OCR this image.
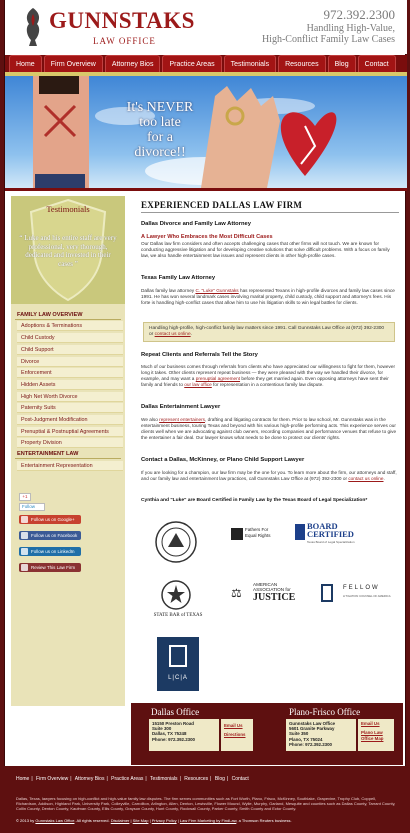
GUNNSTAKS
LAW OFFICE
972.392.2300
Handling High-Value,
High-Conflict Family Law Cases
Home	Firm Overview	Attorney Bios	Practice Areas	Testimonials	Resources	Blog	Contact
It's NEVER
too late
for a divorce!!
Testimonials
“ Luke and his entire staff are very professional, very thorough, dedicated and invested in their cases ”
FAMILY LAW OVERVIEW
Adoptions & Terminations
Child Custody
Child Support
Divorce
Enforcement
Hidden Assets
High Net Worth Divorce
Paternity Suits
Post-Judgment Modification
Prenuptial & Postnuptial Agreements
Property Division
ENTERTAINMENT LAW
Entertainment Representation
+1
Follow
Follow us on Google+
Follow us on Facebook
Follow us on LinkedIn
Review This Law Firm
EXPERIENCED DALLAS LAW FIRM
Dallas Divorce and Family Law Attorney
A Lawyer Who Embraces the Most Difficult Cases
Our Dallas law firm considers and often accepts challenging cases that other firms will not touch. We are known for conducting aggressive litigation and for developing creative solutions that solve difficult problems. With a focus on family law, we also handle entertainment law issues and represent clients in other high-profile cases.
Texas Family Law Attorney
Dallas family law attorney C. "Luke" Gunnstaks has represented Texans in high-profile divorces and family law cases since 1991. He has won several landmark cases involving marital property, child custody, child support and attorney's fees. His forte is handling high-conflict cases that allow him to use his litigation skills to win legal battles for clients.
Handling high-profile, high-conflict family law matters since 1991. Call Gunnstaks Law Office at (972) 392-2300 or contact us online.
Repeat Clients and Referrals Tell the Story
Much of our business comes through referrals from clients who have appreciated our willingness to fight for them, however long it takes. Other clients represent repeat business — they were pleased with the way we handled their divorce, for example, and may want a prenuptial agreement before they get married again. Even opposing attorneys have sent their family and friends to our law office for representation in a contentious family law dispute.
Dallas Entertainment Lawyer
We also represent entertainers, drafting and litigating contracts for them. Prior to law school, Mr. Gunnstaks was in the entertainment business, touring Texas and beyond with his various high-profile performing acts. This experience serves our clients well when we are advocating against club owners, recording companies and performance venues that refuse to give the entertainer a fair deal. Our lawyer knows what needs to be done to protect our clients' rights.
Contact a Dallas, McKinney, or Plano Child Support Lawyer
If you are looking for a champion, our law firm may be the one for you. To learn more about the firm, our attorneys and staff, and our family law and entertainment law practices, call Gunnstaks Law Office at (972) 392-2300 or contact us online.
Cynthia and "Luke" are Board Certified in Family Law by the Texas Board of Legal Specialization*
Fathers For
Equal Rights
BOARD
CERTIFIED
Texas Board of Legal Specialization
STATE BAR of TEXAS
⚖
AMERICAN
ASSOCIATION for
JUSTICE
FELLOW
LITIGATION COUNSEL OF AMERICA
L|C|A
Dallas Office
15150 Preston Road
Suite 300
Dallas, TX 75248
Phone: 972.392.2300
Email Us
Directions
Plano-Frisco Office
Gunnstaks Law Office
5601 Granite Parkway
Suite 350
Plano, TX 75024
Phone: 972.392.2300
Email Us
Plano Law Office Map
Home | Firm Overview | Attorney Bios | Practice Areas | Testimonials | Resources | Blog | Contact
Dallas, Texas, lawyers focusing on high-conflict and high-value family law disputes. The firm serves communities such as Fort Worth, Plano, Frisco, McKinney, Southlake, Grapevine, Trophy Club, Coppell, Richardson, Addison, Highland Park, University Park, Colleyville, Carrollton, Arlington, Allen, Denton, Lewisville, Flower Mound, Wylie, Murphy, Garland, Mesquite and counties such as Dallas County, Tarrant County, Collin County, Denton County, Kaufman County, Ellis County, Grayson County, Hunt County, Rockwall County, Parker County, Smith County and Ector County.
© 2013 by Gunnstaks Law Office. All rights reserved. Disclaimer | Site Map | Privacy Policy | Law Firm Marketing by FindLaw, a Thomson Reuters business.
